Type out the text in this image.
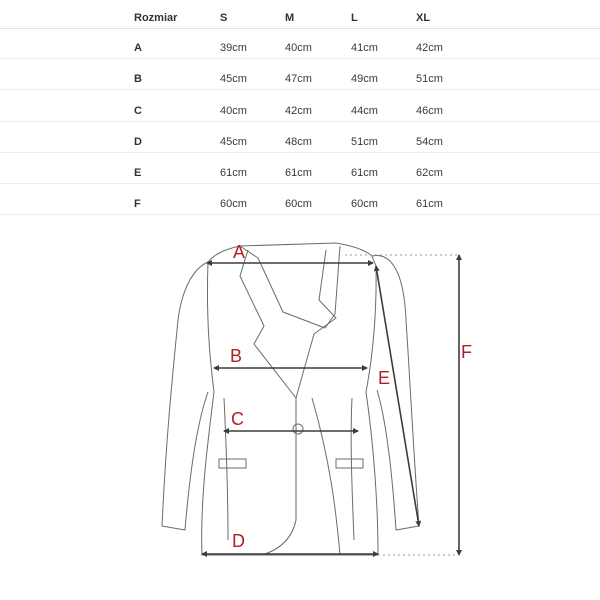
Rozmiar	S	M	L	XL
A	39cm	40cm	41cm	42cm
B	45cm	47cm	49cm	51cm
C	40cm	42cm	44cm	46cm
D	45cm	48cm	51cm	54cm
E	61cm	61cm	61cm	62cm
F	60cm	60cm	60cm	61cm
A
B
C
D
E
F
